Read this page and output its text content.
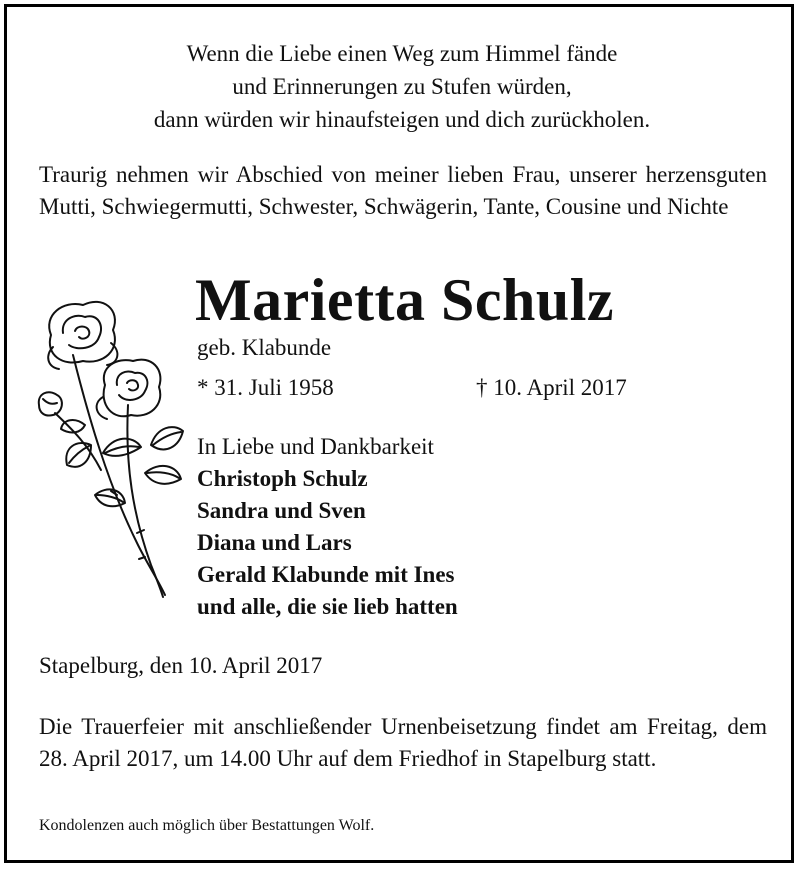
Wenn die Liebe einen Weg zum Himmel fände
und Erinnerungen zu Stufen würden,
dann würden wir hinaufsteigen und dich zurückholen.
Traurig nehmen wir Abschied von meiner lieben Frau, unserer herzensguten Mutti, Schwiegermutti, Schwester, Schwägerin, Tante, Cousine und Nichte
Marietta Schulz
geb. Klabunde
* 31. Juli 1958	† 10. April 2017
In Liebe und Dankbarkeit
Christoph Schulz
Sandra und Sven
Diana und Lars
Gerald Klabunde mit Ines
und alle, die sie lieb hatten
Stapelburg, den 10. April 2017
Die Trauerfeier mit anschließender Urnenbeisetzung findet am Freitag, dem 28. April 2017, um 14.00 Uhr auf dem Friedhof in Stapelburg statt.
Kondolenzen auch möglich über Bestattungen Wolf.
